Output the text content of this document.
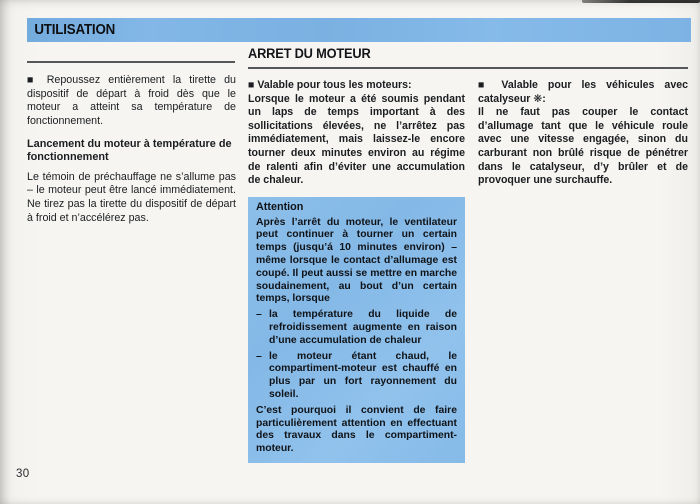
UTILISATION
ARRET DU MOTEUR

■ Repoussez entièrement la tirette du dispositif de départ à froid dès que le moteur a atteint sa température de fonctionnement.

Lancement du moteur à température de fonctionnement

Le témoin de préchauffage ne s’allume pas – le moteur peut être lancé immédiatement. Ne tirez pas la tirette du dispositif de départ à froid et n’accélérez pas.

■ Valable pour tous les moteurs:

Lorsque le moteur a été soumis pendant un laps de temps important à des sollicitations élevées, ne l’arrêtez pas immédiatement, mais laissez-le encore tourner deux minutes environ au régime de ralenti afin d’éviter une accumulation de chaleur.

Attention

Après l’arrêt du moteur, le ventilateur peut continuer à tourner un certain temps (jusqu’á 10 minutes environ) – même lorsque le contact d’allumage est coupé. Il peut aussi se mettre en marche soudainement, au bout d’un certain temps, lorsque

– la température du liquide de refroidissement augmente en raison d’une accumulation de chaleur
– le moteur étant chaud, le compartiment-moteur est chauffé en plus par un fort rayonnement du soleil.

C’est pourquoi il convient de faire particulièrement attention en effectuant des travaux dans le compartiment-moteur.

■ Valable pour les véhicules avec catalyseur ❋:

Il ne faut pas couper le contact d’allumage tant que le véhicule roule avec une vitesse engagée, sinon du carburant non brûlé risque de pénétrer dans le catalyseur, d’y brûler et de provoquer une surchauffe.

30
